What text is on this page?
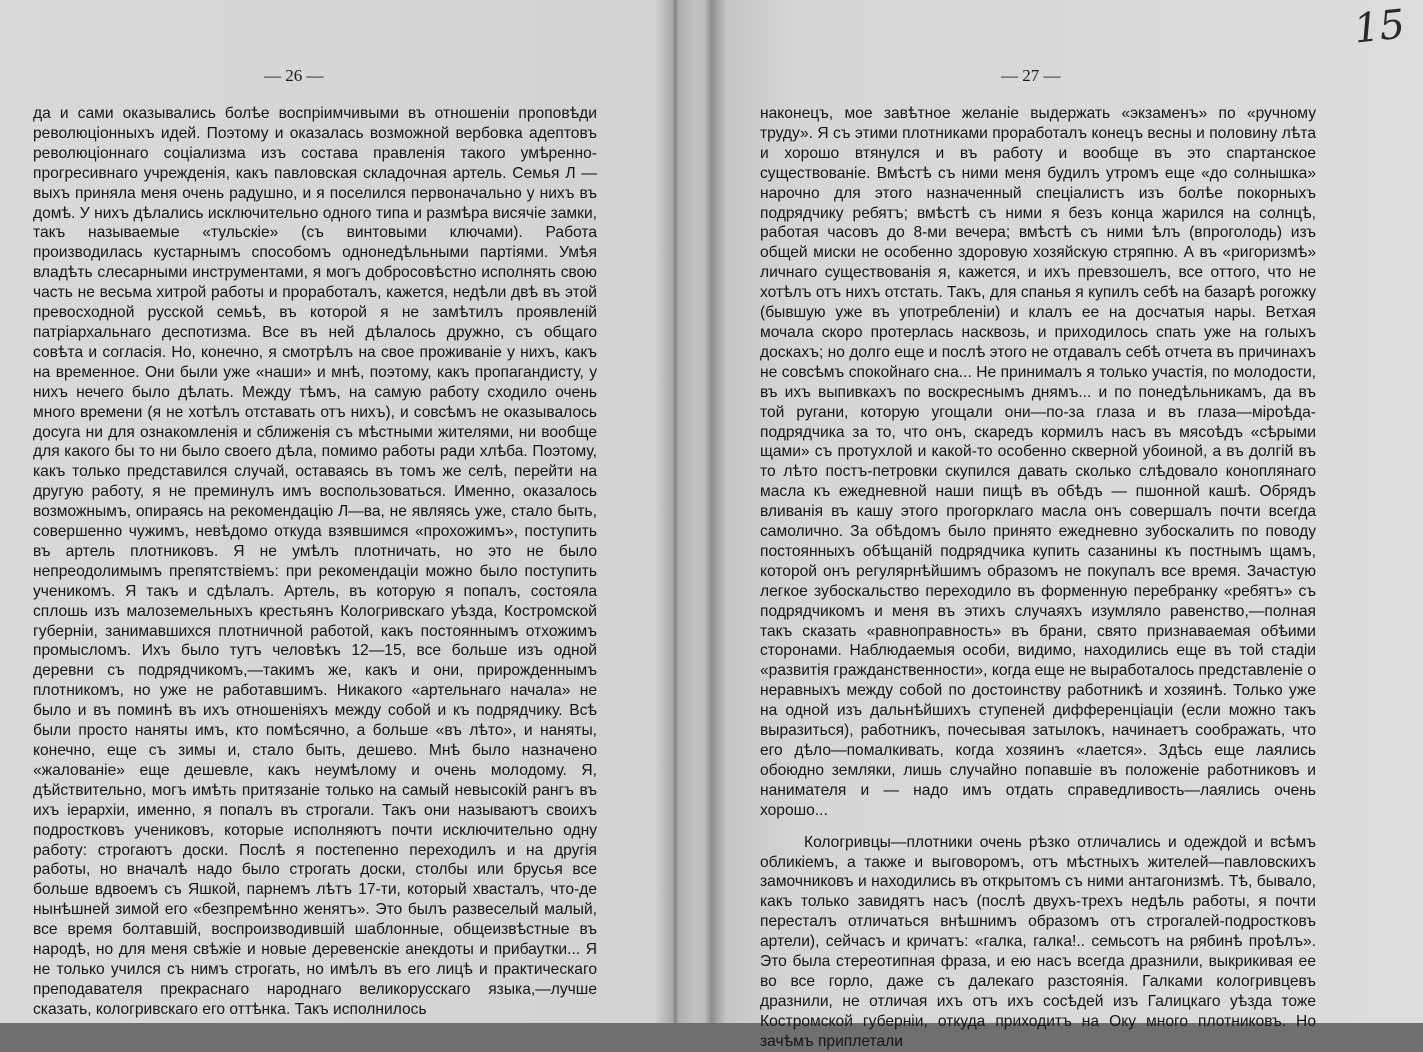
— 26 —

да и сами оказывались болѣе воспріимчивыми въ отношеніи проповѣди революціонныхъ идей. Поэтому и оказалась возможной вербовка адептовъ революціоннаго соціализма изъ состава правленія такого умѣренно-прогресивнаго учрежденія, какъ павловская складочная артель. Семья Л — выхъ приняла меня очень радушно, и я поселился первоначально у нихъ въ домѣ. У нихъ дѣлались исключительно одного типа и размѣра висячіе замки, такъ называемые «тульскіе» (съ винтовыми ключами). Работа производилась кустарнымъ способомъ однонедѣльными партіями. Умѣя владѣть слесарными инструментами, я могъ добросовѣстно исполнять свою часть не весьма хитрой работы и проработалъ, кажется, недѣли двѣ въ этой превосходной русской семьѣ, въ которой я не замѣтилъ проявленій патріархальнаго деспотизма. Все въ ней дѣлалось дружно, съ общаго совѣта и согласія. Но, конечно, я смотрѣлъ на свое проживаніе у нихъ, какъ на временное. Они были уже «наши» и мнѣ, поэтому, какъ пропагандисту, у нихъ нечего было дѣлать. Между тѣмъ, на самую работу сходило очень много времени (я не хотѣлъ отставать отъ нихъ), и совсѣмъ не оказывалось досуга ни для ознакомленія и сближенія съ мѣстными жителями, ни вообще для какого бы то ни было своего дѣла, помимо работы ради хлѣба. Поэтому, какъ только представился случай, оставаясь въ томъ же селѣ, перейти на другую работу, я не преминулъ имъ воспользоваться. Именно, оказалось возможнымъ, опираясь на рекомендацію Л—ва, не являясь уже, стало быть, совершенно чужимъ, невѣдомо откуда взявшимся «прохожимъ», поступить въ артель плотниковъ. Я не умѣлъ плотничать, но это не было непреодолимымъ препятствіемъ: при рекомендаціи можно было поступить ученикомъ. Я такъ и сдѣлалъ. Артель, въ которую я попалъ, состояла сплошь изъ малоземельныхъ крестьянъ Кологривскаго уѣзда, Костромской губерніи, занимавшихся плотничной работой, какъ постояннымъ отхожимъ промысломъ. Ихъ было тутъ человѣкъ 12—15, все больше изъ одной деревни съ подрядчикомъ,—такимъ же, какъ и они, прирожденнымъ плотникомъ, но уже не работавшимъ. Никакого «артельнаго начала» не было и въ поминѣ въ ихъ отношеніяхъ между собой и къ подрядчику. Всѣ были просто наняты имъ, кто помѣсячно, а больше «въ лѣто», и наняты, конечно, еще съ зимы и, стало быть, дешево. Мнѣ было назначено «жалованіе» еще дешевле, какъ неумѣлому и очень молодому. Я, дѣйствительно, могъ имѣть притязаніе только на самый невысокій рангъ въ ихъ іерархіи, именно, я попалъ въ строгали. Такъ они называютъ своихъ подростковъ учениковъ, которые исполняютъ почти исключительно одну работу: строгаютъ доски. Послѣ я постепенно переходилъ и на другія работы, но вначалѣ надо было строгать доски, столбы или брусья все больше вдвоемъ съ Яшкой, парнемъ лѣтъ 17-ти, который хвасталъ, что-де нынѣшней зимой его «безпремѣнно женятъ». Это былъ развеселый малый, все время болтавшій, воспроизводившій шаблонные, общеизвѣстные въ народѣ, но для меня свѣжіе и новые деревенскіе анекдоты и прибаутки... Я не только учился съ нимъ строгать, но имѣлъ въ его лицѣ и практическаго преподавателя прекраснаго народнаго великорусскаго языка,—лучше сказать, кологривскаго его оттѣнка. Такъ исполнилось

— 27 —
наконецъ, мое завѣтное желаніе выдержать «экзаменъ» по «ручному труду». Я съ этими плотниками проработалъ конецъ весны и половину лѣта и хорошо втянулся и въ работу и вообще въ это спартанское существованіе. Вмѣстѣ съ ними меня будилъ утромъ еще «до солнышка» нарочно для этого назначенный спеціалистъ изъ болѣе покорныхъ подрядчику ребятъ; вмѣстѣ съ ними я безъ конца жарился на солнцѣ, работая часовъ до 8-ми вечера; вмѣстѣ съ ними ѣлъ (впроголодь) изъ общей миски не особенно здоровую хозяйскую стряпню. А въ «ригоризмѣ» личнаго существованія я, кажется, и ихъ превзошелъ, все оттого, что не хотѣлъ отъ нихъ отстать. Такъ, для спанья я купилъ себѣ на базарѣ рогожку (бывшую уже въ употребленіи) и клалъ ее на досчатыя нары. Ветхая мочала скоро протерлась насквозь, и приходилось спать уже на голыхъ доскахъ; но долго еще и послѣ этого не отдавалъ себѣ отчета въ причинахъ не совсѣмъ спокойнаго сна... Не принималъ я только участія, по молодости, въ ихъ выпивкахъ по воскреснымъ днямъ... и по понедѣльникамъ, да въ той ругани, которую угощали они—по-за глаза и въ глаза—міроѣда-подрядчика за то, что онъ, скаредъ кормилъ насъ въ мясоѣдъ «сѣрыми щами» съ протухлой и какой-то особенно скверной убоиной, а въ долгій въ то лѣто постъ-петровки скупился давать сколько слѣдовало коноплянаго масла къ ежедневной наши пищѣ въ обѣдъ — пшонной кашѣ. Обрядъ вливанія въ кашу этого прогорклаго масла онъ совершалъ почти всегда самолично. За обѣдомъ было принято ежедневно зубоскалить по поводу постоянныхъ обѣщаній подрядчика купить сазанины къ постнымъ щамъ, которой онъ регулярнѣйшимъ образомъ не покупалъ все время. Зачастую легкое зубоскальство переходило въ форменную перебранку «ребятъ» съ подрядчикомъ и меня въ этихъ случаяхъ изумляло равенство,—полная такъ сказать «равноправность» въ брани, свято признаваемая обѣими сторонами. Наблюдаемыя особи, видимо, находились еще въ той стадіи «развитія гражданственности», когда еще не выработалось представленіе о неравныхъ между собой по достоинству работникѣ и хозяинѣ. Только уже на одной изъ дальнѣйшихъ ступеней дифференціаціи (если можно такъ выразиться), работникъ, почесывая затылокъ, начинаетъ соображать, что его дѣло—помалкивать, когда хозяинъ «лается». Здѣсь еще лаялись обоюдно земляки, лишь случайно попавшіе въ положеніе работниковъ и нанимателя и — надо имъ отдать справедливость—лаялись очень хорошо...
Кологривцы—плотники очень рѣзко отличались и одеждой и всѣмъ обликіемъ, а также и выговоромъ, отъ мѣстныхъ жителей—павловскихъ замочниковъ и находились въ открытомъ съ ними антагонизмѣ. Тѣ, бывало, какъ только завидятъ насъ (послѣ двухъ-трехъ недѣль работы, я почти пересталъ отличаться внѣшнимъ образомъ отъ строгалей-подростковъ артели), сейчасъ и кричатъ: «галка, галка!.. семьсотъ на рябинѣ проѣлъ». Это была стереотипная фраза, и ею насъ всегда дразнили, выкрикивая ее во все горло, даже съ далекаго разстоянія. Галками кологривцевъ дразнили, не отличая ихъ отъ ихъ сосѣдей изъ Галицкаго уѣзда тоже Костромской губерніи, откуда приходитъ на Оку много плотниковъ. Но зачѣмъ приплетали
15
